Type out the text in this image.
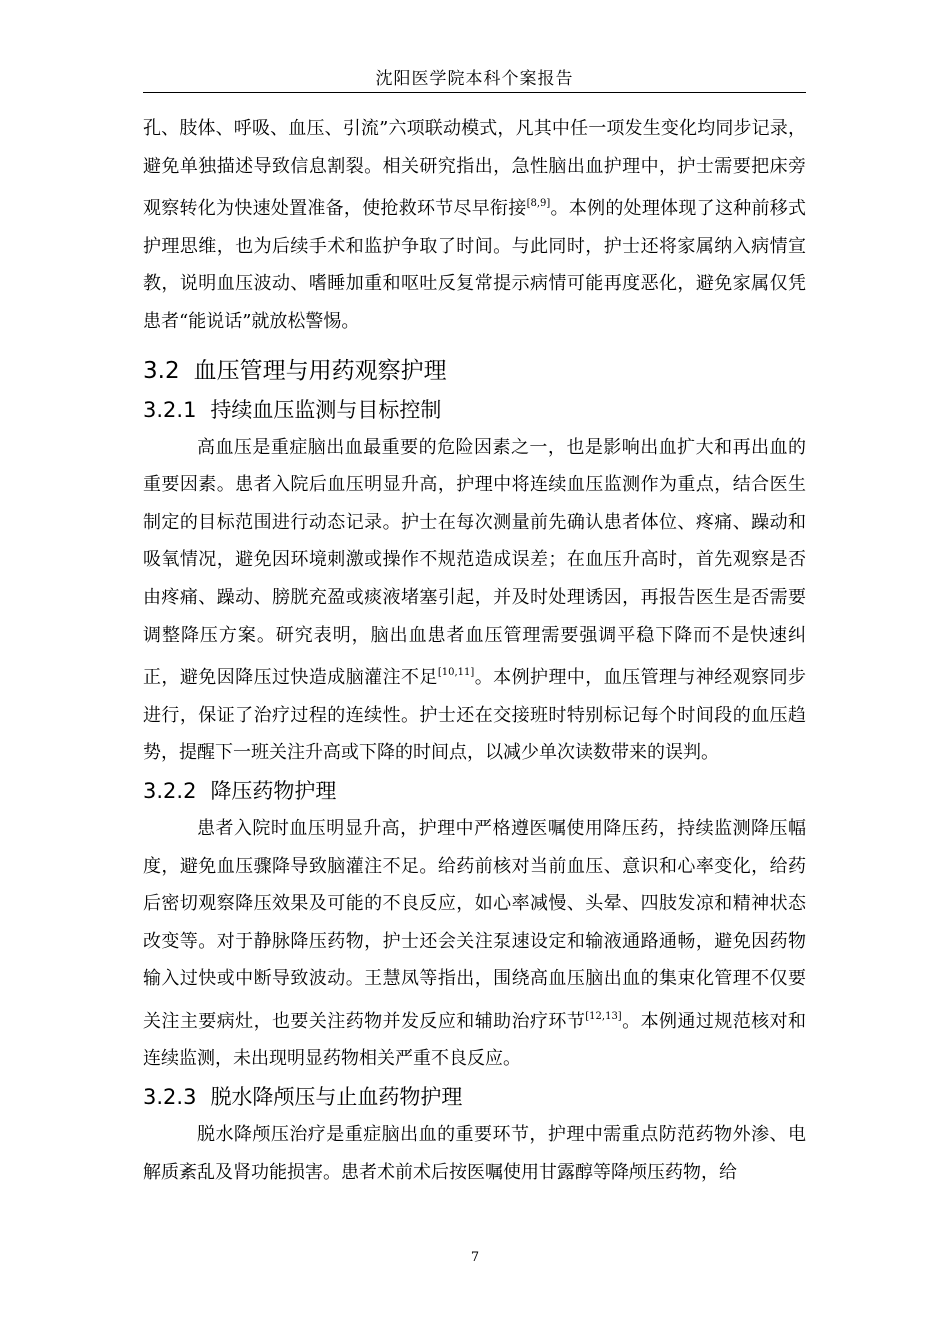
沈阳医学院本科个案报告

孔、肢体、呼吸、血压、引流”六项联动模式，凡其中任一项发生变化均同步记录，避免单独描述导致信息割裂。相关研究指出，急性脑出血护理中，护士需要把床旁观察转化为快速处置准备，使抢救环节尽早衔接[8,9]。本例的处理体现了这种前移式护理思维，也为后续手术和监护争取了时间。与此同时，护士还将家属纳入病情宣教，说明血压波动、嗜睡加重和呕吐反复常提示病情可能再度恶化，避免家属仅凭患者“能说话”就放松警惕。

3.2 血压管理与用药观察护理
3.2.1 持续血压监测与目标控制

高血压是重症脑出血最重要的危险因素之一，也是影响出血扩大和再出血的重要因素。患者入院后血压明显升高，护理中将连续血压监测作为重点，结合医生制定的目标范围进行动态记录。护士在每次测量前先确认患者体位、疼痛、躁动和吸氧情况，避免因环境刺激或操作不规范造成误差；在血压升高时，首先观察是否由疼痛、躁动、膀胱充盈或痰液堵塞引起，并及时处理诱因，再报告医生是否需要调整降压方案。研究表明，脑出血患者血压管理需要强调平稳下降而不是快速纠正，避免因降压过快造成脑灌注不足[10,11]。本例护理中，血压管理与神经观察同步进行，保证了治疗过程的连续性。护士还在交接班时特别标记每个时间段的血压趋势，提醒下一班关注升高或下降的时间点，以减少单次读数带来的误判。

3.2.2 降压药物护理

患者入院时血压明显升高，护理中严格遵医嘱使用降压药，持续监测降压幅度，避免血压骤降导致脑灌注不足。给药前核对当前血压、意识和心率变化，给药后密切观察降压效果及可能的不良反应，如心率减慢、头晕、四肢发凉和精神状态改变等。对于静脉降压药物，护士还会关注泵速设定和输液通路通畅，避免因药物输入过快或中断导致波动。王慧凤等指出，围绕高血压脑出血的集束化管理不仅要关注主要病灶，也要关注药物并发反应和辅助治疗环节[12,13]。本例通过规范核对和连续监测，未出现明显药物相关严重不良反应。

3.2.3 脱水降颅压与止血药物护理

脱水降颅压治疗是重症脑出血的重要环节，护理中需重点防范药物外渗、电解质紊乱及肾功能损害。患者术前术后按医嘱使用甘露醇等降颅压药物，给

7
